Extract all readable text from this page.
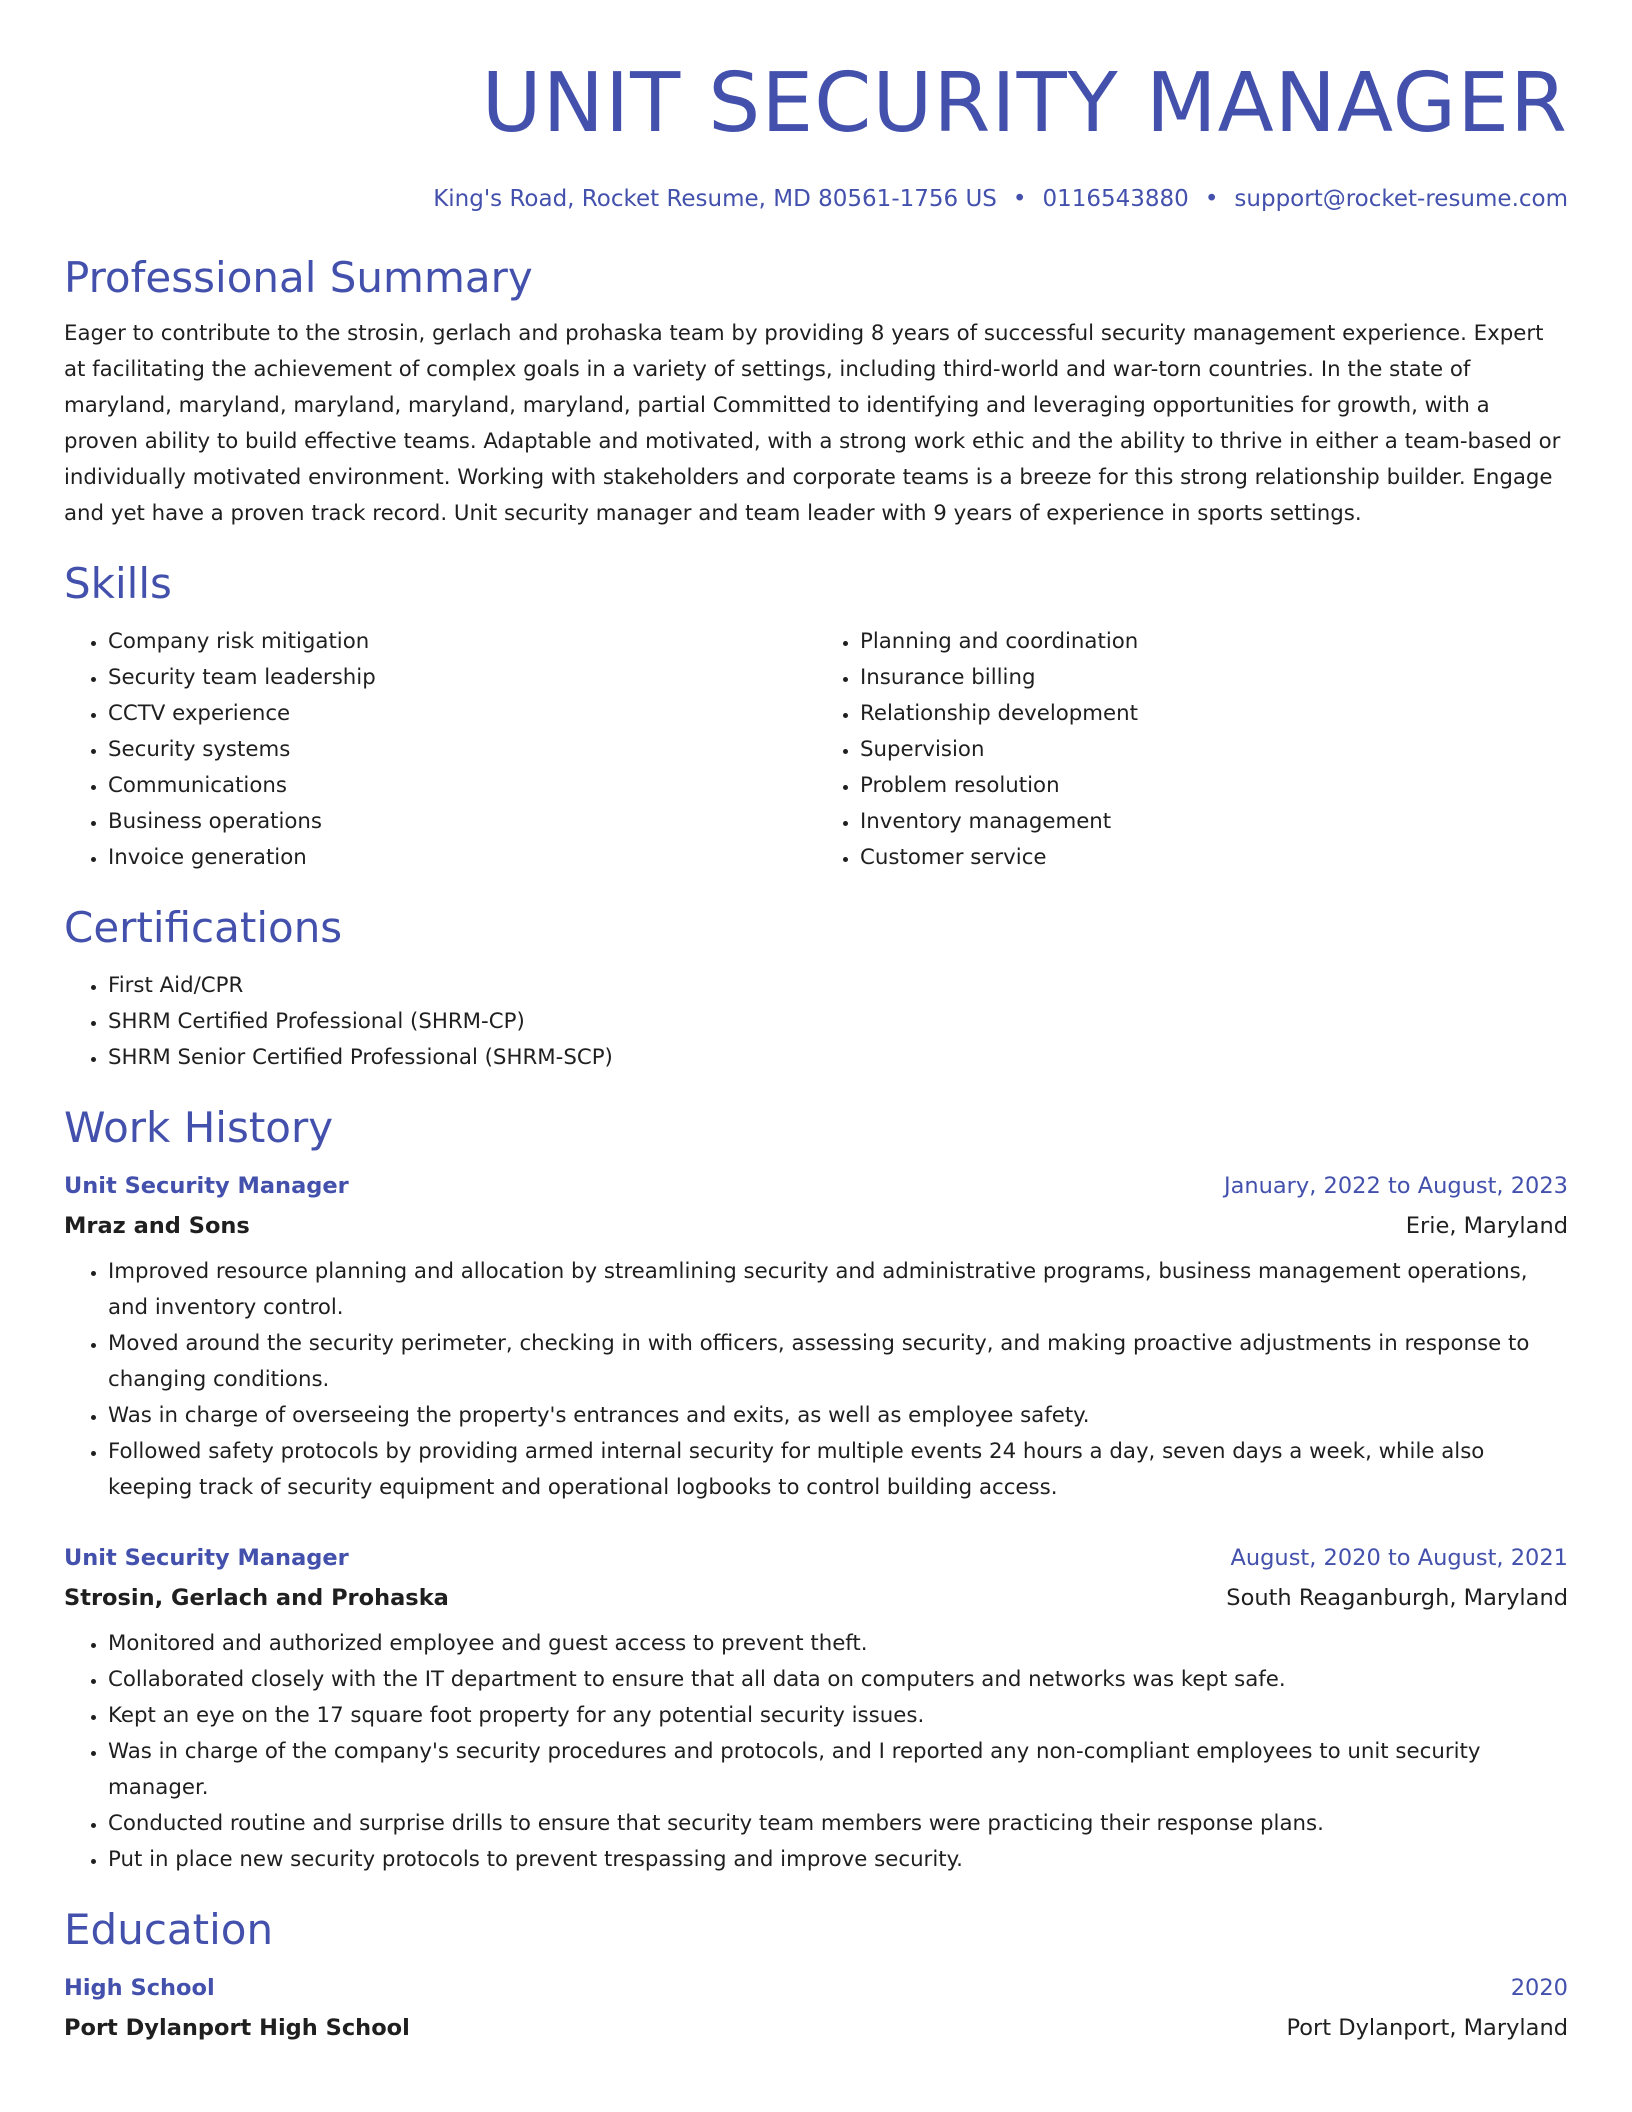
UNIT SECURITY MANAGER
King's Road, Rocket Resume, MD 80561-1756 US • 0116543880 • support@rocket-resume.com
Professional Summary
Eager to contribute to the strosin, gerlach and prohaska team by providing 8 years of successful security management experience. Expert at facilitating the achievement of complex goals in a variety of settings, including third-world and war-torn countries. In the state of maryland, maryland, maryland, maryland, maryland, partial Committed to identifying and leveraging opportunities for growth, with a proven ability to build effective teams. Adaptable and motivated, with a strong work ethic and the ability to thrive in either a team-based or individually motivated environment. Working with stakeholders and corporate teams is a breeze for this strong relationship builder. Engage and yet have a proven track record. Unit security manager and team leader with 9 years of experience in sports settings.
Skills
• Company risk mitigation
• Security team leadership
• CCTV experience
• Security systems
• Communications
• Business operations
• Invoice generation
• Planning and coordination
• Insurance billing
• Relationship development
• Supervision
• Problem resolution
• Inventory management
• Customer service
Certifications
• First Aid/CPR
• SHRM Certified Professional (SHRM-CP)
• SHRM Senior Certified Professional (SHRM-SCP)
Work History
Unit Security Manager	January, 2022 to August, 2023
Mraz and Sons	Erie, Maryland
• Improved resource planning and allocation by streamlining security and administrative programs, business management operations, and inventory control.
• Moved around the security perimeter, checking in with officers, assessing security, and making proactive adjustments in response to changing conditions.
• Was in charge of overseeing the property's entrances and exits, as well as employee safety.
• Followed safety protocols by providing armed internal security for multiple events 24 hours a day, seven days a week, while also keeping track of security equipment and operational logbooks to control building access.
Unit Security Manager	August, 2020 to August, 2021
Strosin, Gerlach and Prohaska	South Reaganburgh, Maryland
• Monitored and authorized employee and guest access to prevent theft.
• Collaborated closely with the IT department to ensure that all data on computers and networks was kept safe.
• Kept an eye on the 17 square foot property for any potential security issues.
• Was in charge of the company's security procedures and protocols, and I reported any non-compliant employees to unit security manager.
• Conducted routine and surprise drills to ensure that security team members were practicing their response plans.
• Put in place new security protocols to prevent trespassing and improve security.
Education
High School	2020
Port Dylanport High School	Port Dylanport, Maryland
